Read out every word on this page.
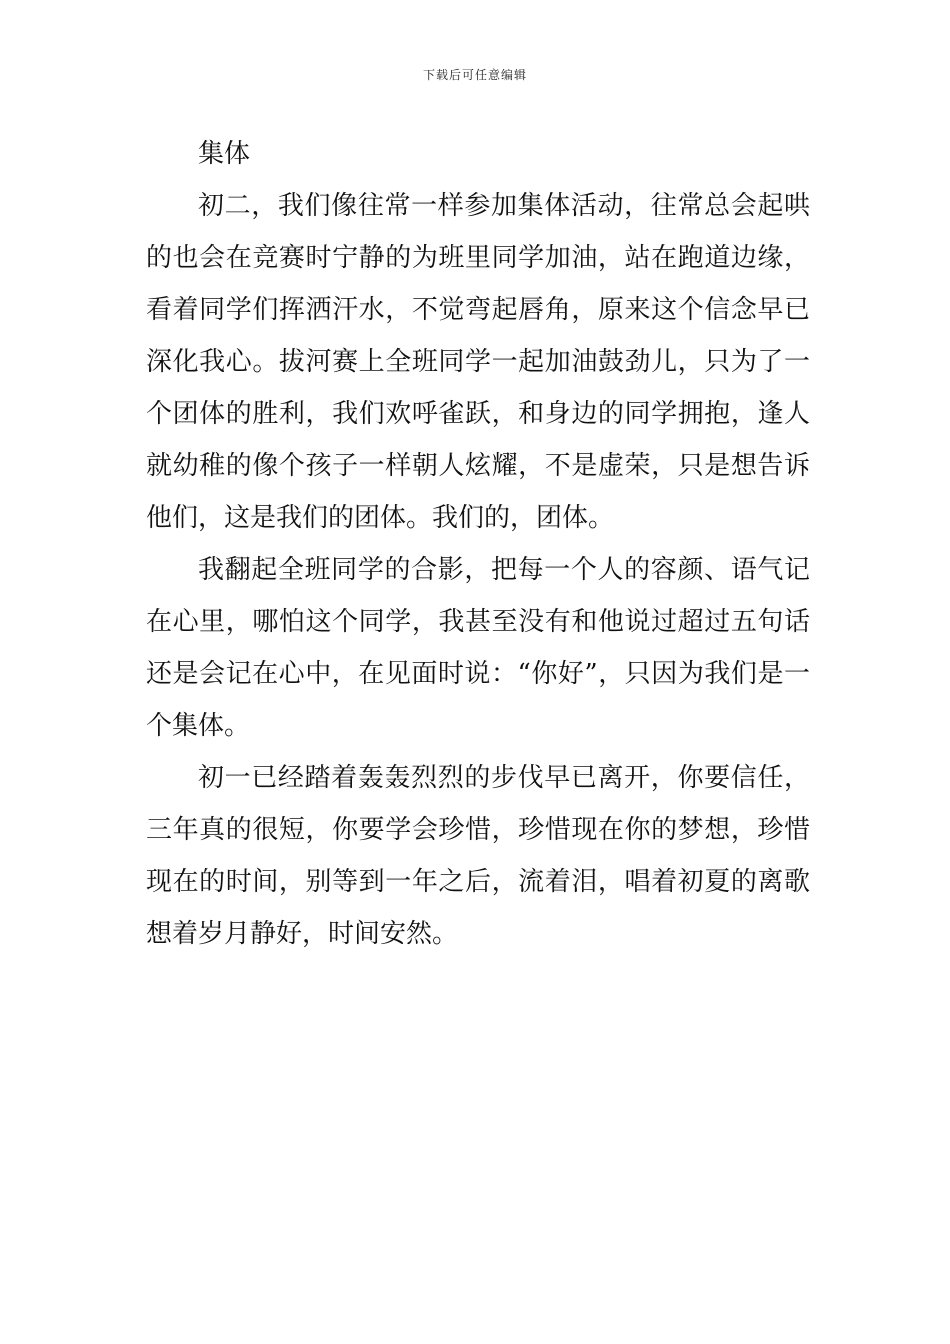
下载后可任意编辑
集体

初二，我们像往常一样参加集体活动，往常总会起哄的也会在竞赛时宁静的为班里同学加油，站在跑道边缘，看着同学们挥洒汗水，不觉弯起唇角，原来这个信念早已深化我心。拔河赛上全班同学一起加油鼓劲儿，只为了一个团体的胜利，我们欢呼雀跃，和身边的同学拥抱，逢人就幼稚的像个孩子一样朝人炫耀，不是虚荣，只是想告诉他们，这是我们的团体。我们的，团体。

我翻起全班同学的合影，把每一个人的容颜、语气记在心里，哪怕这个同学，我甚至没有和他说过超过五句话还是会记在心中，在见面时说：“你好”，只因为我们是一个集体。

初一已经踏着轰轰烈烈的步伐早已离开，你要信任，三年真的很短，你要学会珍惜，珍惜现在你的梦想，珍惜现在的时间，别等到一年之后，流着泪，唱着初夏的离歌想着岁月静好，时间安然。
